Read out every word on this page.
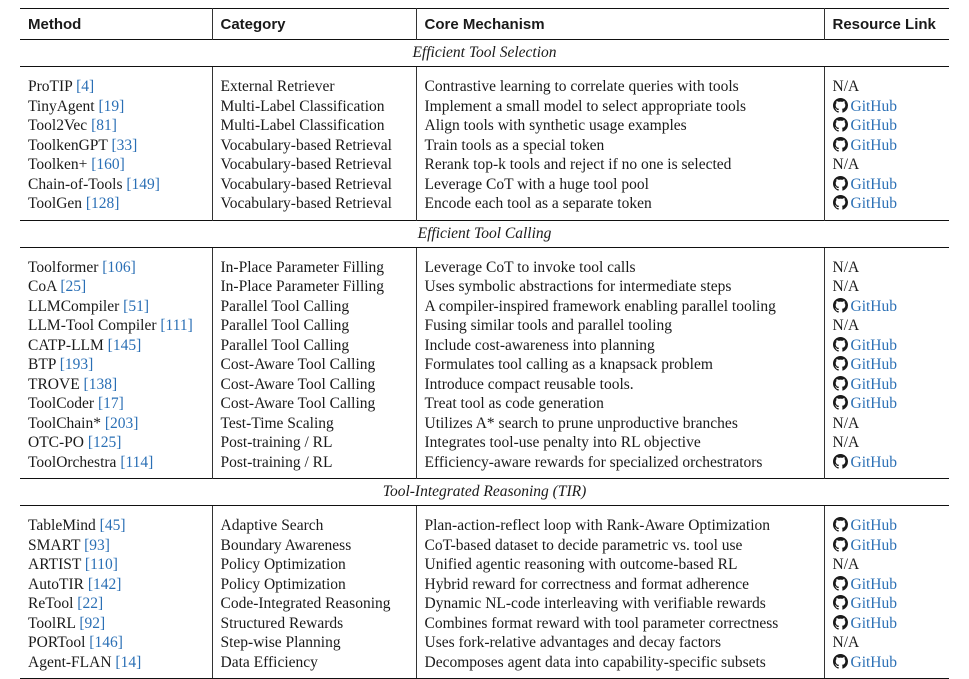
Method	Category	Core Mechanism	Resource Link
Efficient Tool Selection			
ProTIP [4]	External Retriever	Contrastive learning to correlate queries with tools	N/A
TinyAgent [19]	Multi-Label Classification	Implement a small model to select appropriate tools	GitHub
Tool2Vec [81]	Multi-Label Classification	Align tools with synthetic usage examples	GitHub
ToolkenGPT [33]	Vocabulary-based Retrieval	Train tools as a special token	GitHub
Toolken+ [160]	Vocabulary-based Retrieval	Rerank top-k tools and reject if no one is selected	N/A
Chain-of-Tools [149]	Vocabulary-based Retrieval	Leverage CoT with a huge tool pool	GitHub
ToolGen [128]	Vocabulary-based Retrieval	Encode each tool as a separate token	GitHub
Efficient Tool Calling			
Toolformer [106]	In-Place Parameter Filling	Leverage CoT to invoke tool calls	N/A
CoA [25]	In-Place Parameter Filling	Uses symbolic abstractions for intermediate steps	N/A
LLMCompiler [51]	Parallel Tool Calling	A compiler-inspired framework enabling parallel tooling	GitHub
LLM-Tool Compiler [111]	Parallel Tool Calling	Fusing similar tools and parallel tooling	N/A
CATP-LLM [145]	Parallel Tool Calling	Include cost-awareness into planning	GitHub
BTP [193]	Cost-Aware Tool Calling	Formulates tool calling as a knapsack problem	GitHub
TROVE [138]	Cost-Aware Tool Calling	Introduce compact reusable tools.	GitHub
ToolCoder [17]	Cost-Aware Tool Calling	Treat tool as code generation	GitHub
ToolChain* [203]	Test-Time Scaling	Utilizes A* search to prune unproductive branches	N/A
OTC-PO [125]	Post-training / RL	Integrates tool-use penalty into RL objective	N/A
ToolOrchestra [114]	Post-training / RL	Efficiency-aware rewards for specialized orchestrators	GitHub
Tool-Integrated Reasoning (TIR)			
TableMind [45]	Adaptive Search	Plan-action-reflect loop with Rank-Aware Optimization	GitHub
SMART [93]	Boundary Awareness	CoT-based dataset to decide parametric vs. tool use	GitHub
ARTIST [110]	Policy Optimization	Unified agentic reasoning with outcome-based RL	N/A
AutoTIR [142]	Policy Optimization	Hybrid reward for correctness and format adherence	GitHub
ReTool [22]	Code-Integrated Reasoning	Dynamic NL-code interleaving with verifiable rewards	GitHub
ToolRL [92]	Structured Rewards	Combines format reward with tool parameter correctness	GitHub
PORTool [146]	Step-wise Planning	Uses fork-relative advantages and decay factors	N/A
Agent-FLAN [14]	Data Efficiency	Decomposes agent data into capability-specific subsets	GitHub
